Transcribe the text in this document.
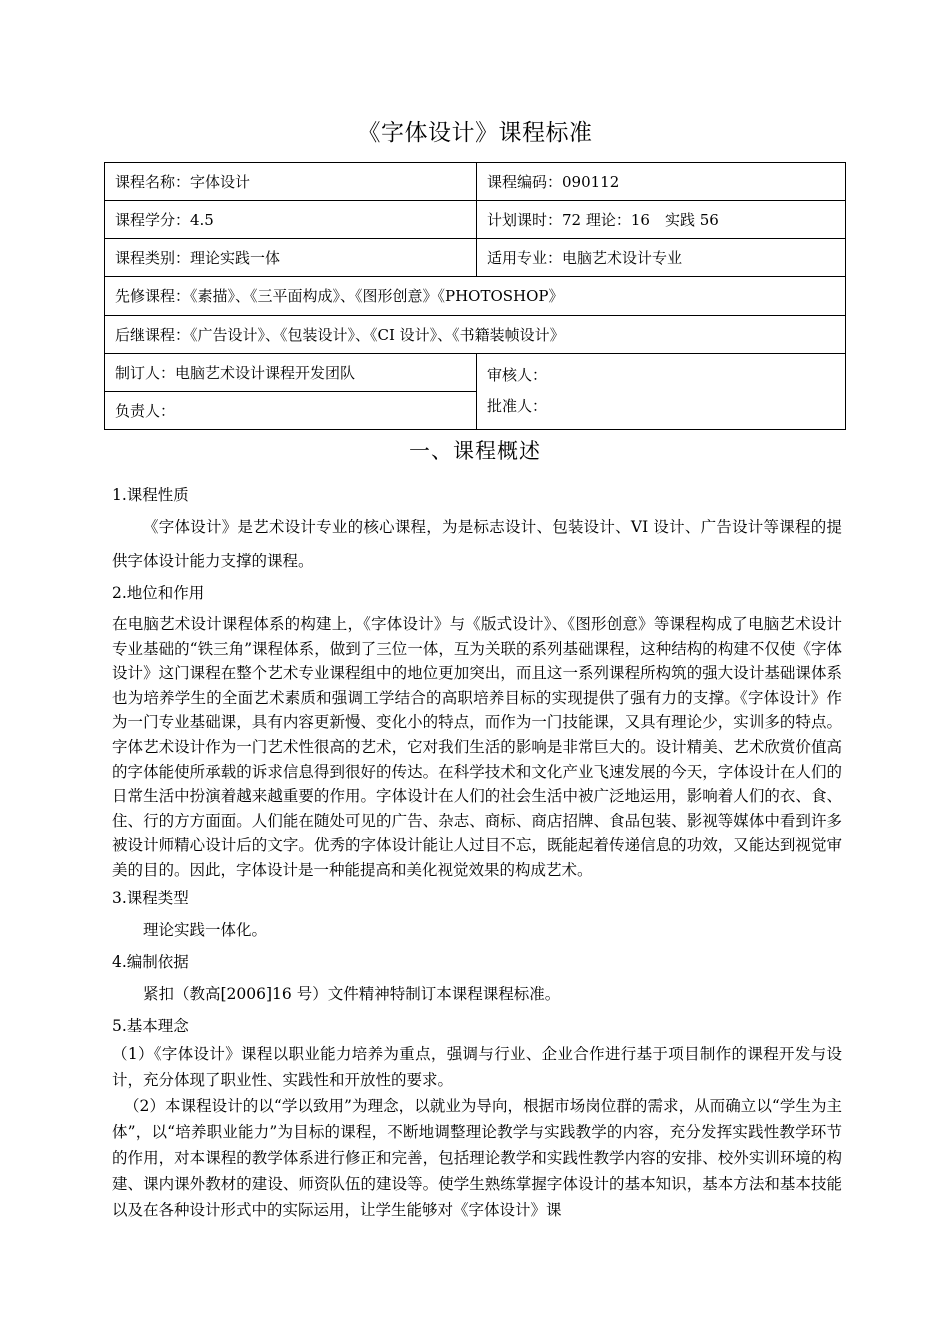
《字体设计》课程标准
课程名称：字体设计	课程编码：090112
课程学分：4.5	计划课时：72 理论：16　实践 56
课程类别：理论实践一体	适用专业：电脑艺术设计专业
先修课程：《素描》、《三平面构成》、《图形创意》《PHOTOSHOP》	
后继课程：《广告设计》、《包装设计》、《CI 设计》、《书籍装帧设计》	
制订人：电脑艺术设计课程开发团队	审核人：
批准人：

负责人：	
一、课程概述

1.课程性质

《字体设计》是艺术设计专业的核心课程，为是标志设计、包装设计、VI 设计、广告设计等课程的提供字体设计能力支撑的课程。

2.地位和作用

在电脑艺术设计课程体系的构建上，《字体设计》与《版式设计》、《图形创意》等课程构成了电脑艺术设计专业基础的“铁三角”课程体系，做到了三位一体，互为关联的系列基础课程，这种结构的构建不仅使《字体设计》这门课程在整个艺术专业课程组中的地位更加突出，而且这一系列课程所构筑的强大设计基础课体系也为培养学生的全面艺术素质和强调工学结合的高职培养目标的实现提供了强有力的支撑。《字体设计》作为一门专业基础课，具有内容更新慢、变化小的特点，而作为一门技能课，又具有理论少，实训多的特点。字体艺术设计作为一门艺术性很高的艺术，它对我们生活的影响是非常巨大的。设计精美、艺术欣赏价值高的字体能使所承载的诉求信息得到很好的传达。在科学技术和文化产业飞速发展的今天，字体设计在人们的日常生活中扮演着越来越重要的作用。字体设计在人们的社会生活中被广泛地运用，影响着人们的衣、食、住、行的方方面面。人们能在随处可见的广告、杂志、商标、商店招牌、食品包装、影视等媒体中看到许多被设计师精心设计后的文字。优秀的字体设计能让人过目不忘，既能起着传递信息的功效，又能达到视觉审美的目的。因此，字体设计是一种能提高和美化视觉效果的构成艺术。

3.课程类型

理论实践一体化。

4.编制依据

紧扣（教高[2006]16 号）文件精神特制订本课程课程标准。

5.基本理念

（1）《字体设计》课程以职业能力培养为重点，强调与行业、企业合作进行基于项目制作的课程开发与设计，充分体现了职业性、实践性和开放性的要求。

（2）本课程设计的以“学以致用”为理念，以就业为导向，根据市场岗位群的需求，从而确立以“学生为主体”，以“培养职业能力”为目标的课程，不断地调整理论教学与实践教学的内容，充分发挥实践性教学环节的作用，对本课程的教学体系进行修正和完善，包括理论教学和实践性教学内容的安排、校外实训环境的构建、课内课外教材的建设、师资队伍的建设等。使学生熟练掌握字体设计的基本知识，基本方法和基本技能以及在各种设计形式中的实际运用，让学生能够对《字体设计》课
